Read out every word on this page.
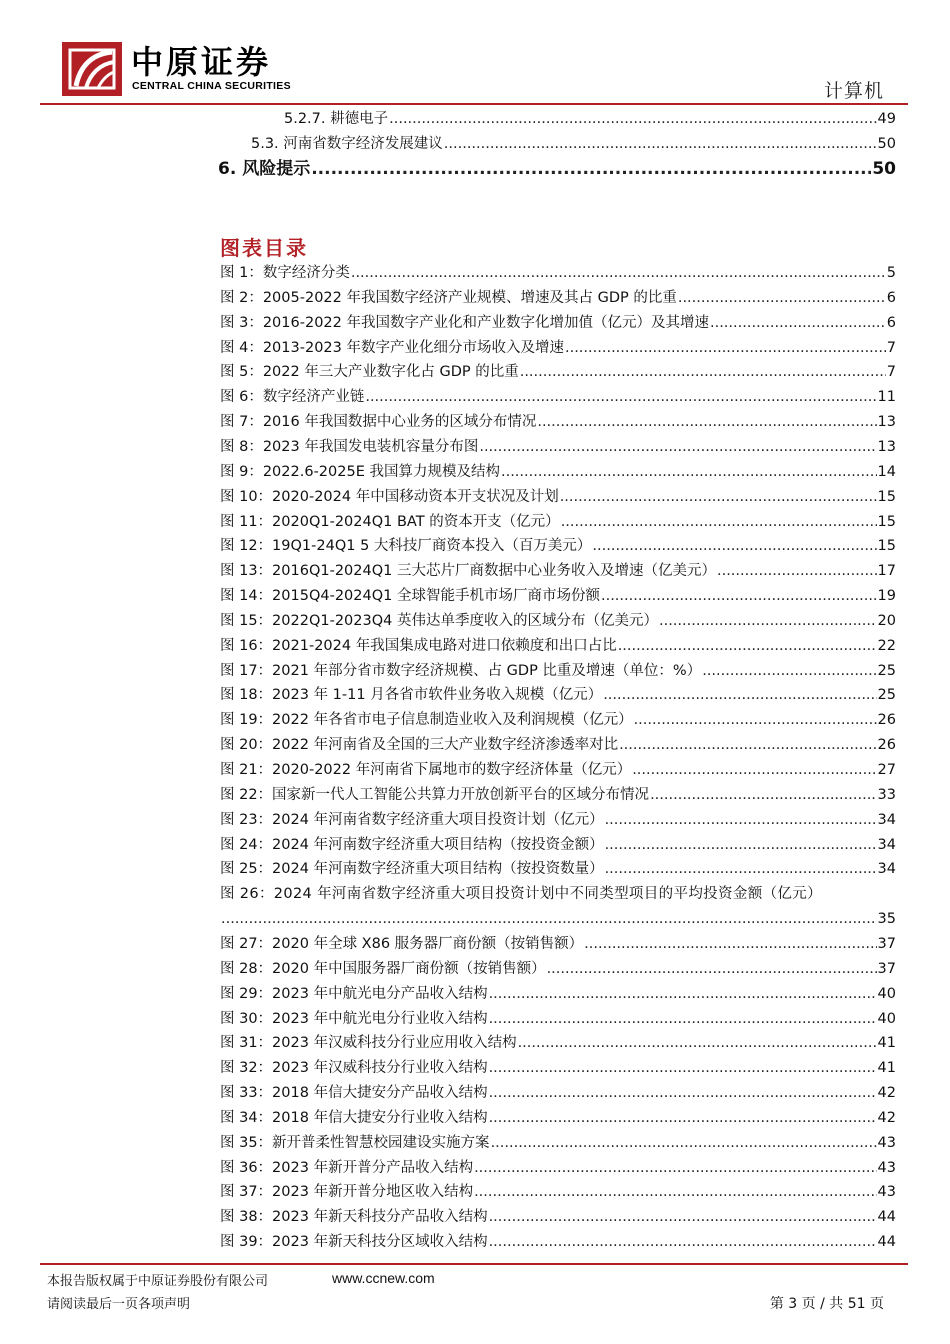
中原证券
CENTRAL CHINA SECURITIES	计算机
5.2.7. 耕德电子 .....	49
5.3. 河南省数字经济发展建议 .....	50
6. 风险提示 .....	50
图表目录
图 1：数字经济分类 .....	5
图 2：2005-2022 年我国数字经济产业规模、增速及其占 GDP 的比重 .....	6
图 3：2016-2022 年我国数字产业化和产业数字化增加值（亿元）及其增速 .....	6
图 4：2013-2023 年数字产业化细分市场收入及增速 .....	7
图 5：2022 年三大产业数字化占 GDP 的比重 .....	7
图 6：数字经济产业链 .....	11
图 7：2016 年我国数据中心业务的区域分布情况 .....	13
图 8：2023 年我国发电装机容量分布图 .....	13
图 9：2022.6-2025E 我国算力规模及结构 .....	14
图 10：2020-2024 年中国移动资本开支状况及计划 .....	15
图 11：2020Q1-2024Q1 BAT 的资本开支（亿元） .....	15
图 12：19Q1-24Q1 5 大科技厂商资本投入（百万美元） .....	15
图 13：2016Q1-2024Q1 三大芯片厂商数据中心业务收入及增速（亿美元） .....	17
图 14：2015Q4-2024Q1 全球智能手机市场厂商市场份额 .....	19
图 15：2022Q1-2023Q4 英伟达单季度收入的区域分布（亿美元） .....	20
图 16：2021-2024 年我国集成电路对进口依赖度和出口占比 .....	22
图 17：2021 年部分省市数字经济规模、占 GDP 比重及增速（单位：%） .....	25
图 18：2023 年 1-11 月各省市软件业务收入规模（亿元） .....	25
图 19：2022 年各省市电子信息制造业收入及利润规模（亿元） .....	26
图 20：2022 年河南省及全国的三大产业数字经济渗透率对比 .....	26
图 21：2020-2022 年河南省下属地市的数字经济体量（亿元） .....	27
图 22：国家新一代人工智能公共算力开放创新平台的区域分布情况 .....	33
图 23：2024 年河南省数字经济重大项目投资计划（亿元） .....	34
图 24：2024 年河南数字经济重大项目结构（按投资金额） .....	34
图 25：2024 年河南数字经济重大项目结构（按投资数量） .....	34
图 26：2024 年河南省数字经济重大项目投资计划中不同类型项目的平均投资金额（亿元）
.....
35
图 27：2020 年全球 X86 服务器厂商份额（按销售额） .....	37
图 28：2020 年中国服务器厂商份额（按销售额） .....	37
图 29：2023 年中航光电分产品收入结构 .....	40
图 30：2023 年中航光电分行业收入结构 .....	40
图 31：2023 年汉威科技分行业应用收入结构 .....	41
图 32：2023 年汉威科技分行业收入结构 .....	41
图 33：2018 年信大捷安分产品收入结构 .....	42
图 34：2018 年信大捷安分行业收入结构 .....	42
图 35：新开普柔性智慧校园建设实施方案 .....	43
图 36：2023 年新开普分产品收入结构 .....	43
图 37：2023 年新开普分地区收入结构 .....	43
图 38：2023 年新天科技分产品收入结构 .....	44
图 39：2023 年新天科技分区域收入结构 .....	44
本报告版权属于中原证券股份有限公司	www.ccnew.com
请阅读最后一页各项声明	第 3 页 / 共 51 页
